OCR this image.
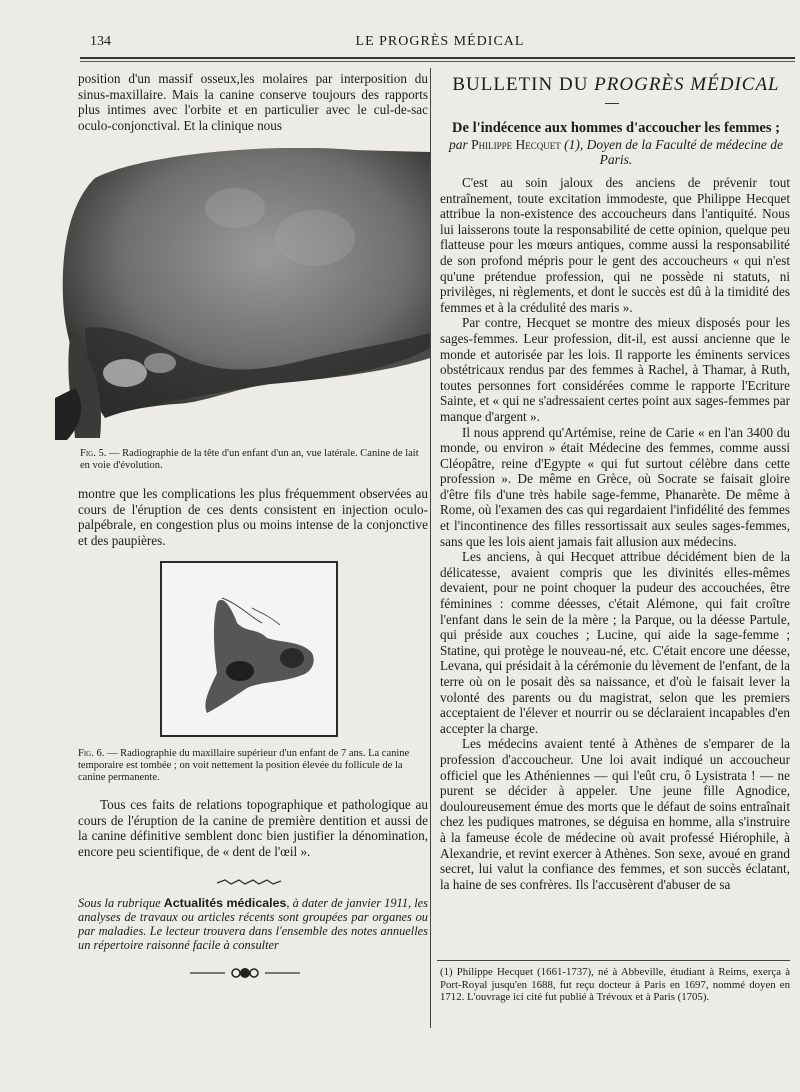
134	LE PROGRÈS MÉDICAL

position d'un massif osseux,les molaires par interposition du sinus-maxillaire. Mais la canine conserve toujours des rapports plus intimes avec l'orbite et en particulier avec le cul-de-sac oculo-conjonctival. Et la clinique nous

Fig. 5. — Radiographie de la tête d'un enfant d'un an, vue latérale. Canine de lait en voie d'évolution.

montre que les complications les plus fréquemment observées au cours de l'éruption de ces dents consistent en injection oculo-palpébrale, en congestion plus ou moins intense de la conjonctive et des paupières.

Fig. 6. — Radiographie du maxillaire supérieur d'un enfant de 7 ans. La canine temporaire est tombée ; on voit nettement la position élevée du follicule de la canine permanente.

Tous ces faits de relations topographique et pathologique au cours de l'éruption de la canine de première dentition et aussi de la canine définitive semblent donc bien justifier la dénomination, encore peu scientifique, de « dent de l'œil ».

Sous la rubrique Actualités médicales, à dater de janvier 1911, les analyses de travaux ou articles récents sont groupées par organes ou par maladies. Le lecteur trouvera dans l'ensemble des notes annuelles un répertoire raisonné facile à consulter
BULLETIN DU PROGRÈS MÉDICAL
De l'indécence aux hommes d'accoucher les femmes ;
par Philippe Hecquet (1), Doyen de la Faculté de médecine de Paris.

C'est au soin jaloux des anciens de prévenir tout entraînement, toute excitation immodeste, que Philippe Hecquet attribue la non-existence des accoucheurs dans l'antiquité. Nous lui laisserons toute la responsabilité de cette opinion, quelque peu flatteuse pour les mœurs antiques, comme aussi la responsabilité de son profond mépris pour le gent des accoucheurs « qui n'est qu'une prétendue profession, qui ne possède ni statuts, ni privilèges, ni règlements, et dont le succès est dû à la timidité des femmes et à la crédulité des maris ».

Par contre, Hecquet se montre des mieux disposés pour les sages-femmes. Leur profession, dit-il, est aussi ancienne que le monde et autorisée par les lois. Il rapporte les éminents services obstétricaux rendus par des femmes à Rachel, à Thamar, à Ruth, toutes personnes fort considérées comme le rapporte l'Ecriture Sainte, et « qui ne s'adressaient certes point aux sages-femmes par manque d'argent ».

Il nous apprend qu'Artémise, reine de Carie « en l'an 3400 du monde, ou environ » était Médecine des femmes, comme aussi Cléopâtre, reine d'Egypte « qui fut surtout célèbre dans cette profession ». De même en Grèce, où Socrate se faisait gloire d'être fils d'une très habile sage-femme, Phanarète. De même à Rome, où l'examen des cas qui regardaient l'infidélité des femmes et l'incontinence des filles ressortissait aux seules sages-femmes, sans que les lois aient jamais fait allusion aux médecins.

Les anciens, à qui Hecquet attribue décidément bien de la délicatesse, avaient compris que les divinités elles-mêmes devaient, pour ne point choquer la pudeur des accouchées, être féminines : comme déesses, c'était Alémone, qui fait croître l'enfant dans le sein de la mère ; la Parque, ou la déesse Partule, qui préside aux couches ; Lucine, qui aide la sage-femme ; Statine, qui protège le nouveau-né, etc. C'était encore une déesse, Levana, qui présidait à la cérémonie du lèvement de l'enfant, de la terre où on le posait dès sa naissance, et d'où le faisait lever la volonté des parents ou du magistrat, selon que les premiers acceptaient de l'élever et nourrir ou se déclaraient incapables d'en accepter la charge.

Les médecins avaient tenté à Athènes de s'emparer de la profession d'accoucheur. Une loi avait indiqué un accoucheur officiel que les Athéniennes — qui l'eût cru, ô Lysistrata ! — ne purent se décider à appeler. Une jeune fille Agnodice, douloureusement émue des morts que le défaut de soins entraînait chez les pudiques matrones, se déguisa en homme, alla s'instruire à la fameuse école de médecine où avait professé Hiérophile, à Alexandrie, et revint exercer à Athènes. Son sexe, avoué en grand secret, lui valut la confiance des femmes, et son succès éclatant, la haine de ses confrères. Ils l'accusèrent d'abuser de sa

(1) Philippe Hecquet (1661-1737), né à Abbeville, étudiant à Reims, exerça à Port-Royal jusqu'en 1688, fut reçu docteur à Paris en 1697, nommé doyen en 1712. L'ouvrage ici cité fut publié à Trévoux et à Paris (1705).
